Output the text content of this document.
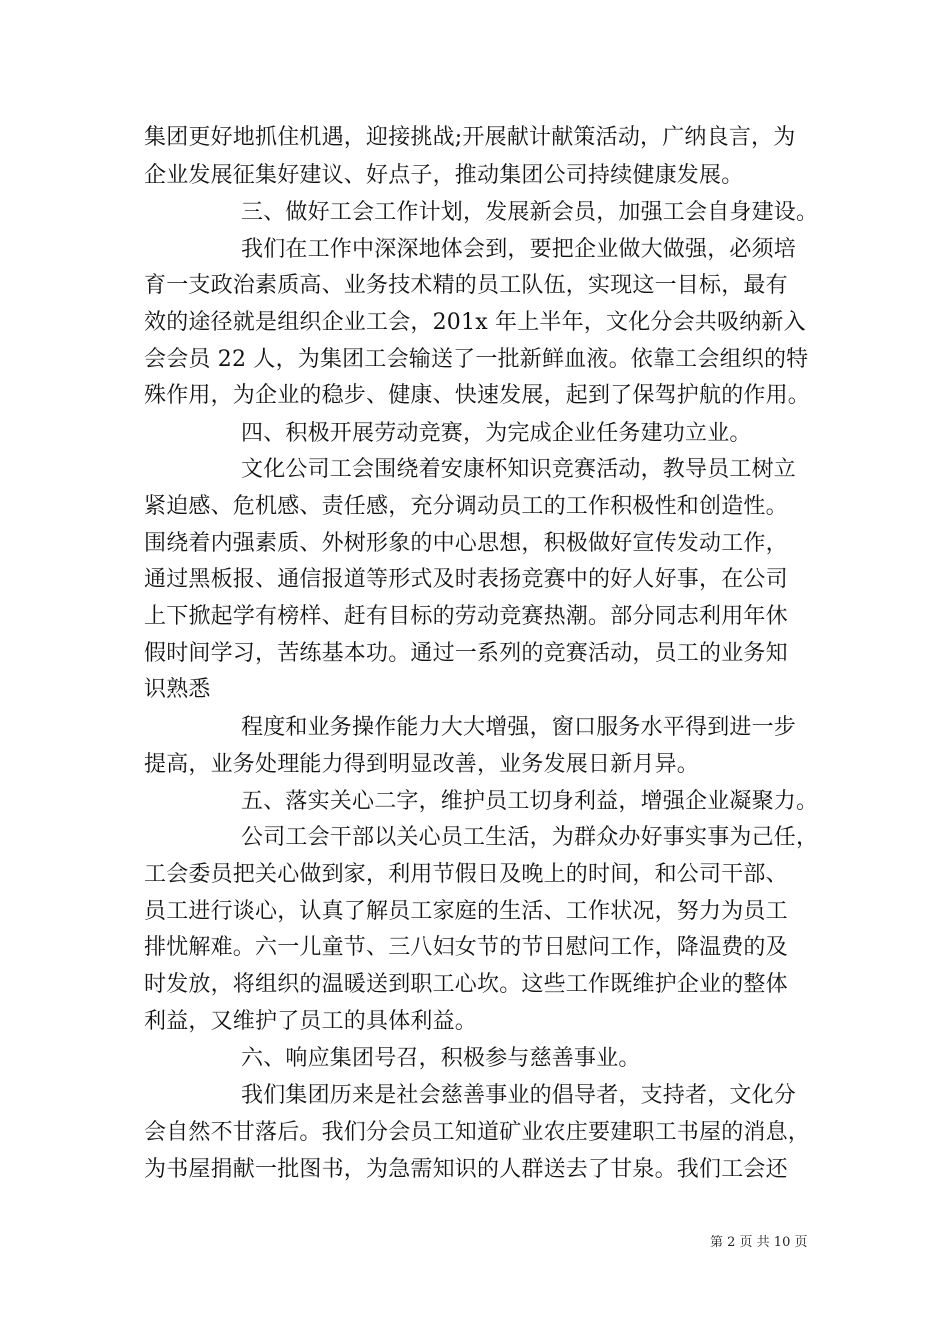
集团更好地抓住机遇，迎接挑战;开展献计献策活动，广纳良言，为
企业发展征集好建议、好点子，推动集团公司持续健康发展。
三、做好工会工作计划，发展新会员，加强工会自身建设。
我们在工作中深深地体会到，要把企业做大做强，必须培
育一支政治素质高、业务技术精的员工队伍，实现这一目标，最有
效的途径就是组织企业工会，201x 年上半年，文化分会共吸纳新入
会会员 22 人，为集团工会输送了一批新鲜血液。依靠工会组织的特
殊作用，为企业的稳步、健康、快速发展，起到了保驾护航的作用。
四、积极开展劳动竞赛，为完成企业任务建功立业。
文化公司工会围绕着安康杯知识竞赛活动，教导员工树立
紧迫感、危机感、责任感，充分调动员工的工作积极性和创造性。
围绕着内强素质、外树形象的中心思想，积极做好宣传发动工作，
通过黑板报、通信报道等形式及时表扬竞赛中的好人好事，在公司
上下掀起学有榜样、赶有目标的劳动竞赛热潮。部分同志利用年休
假时间学习，苦练基本功。通过一系列的竞赛活动，员工的业务知
识熟悉
程度和业务操作能力大大增强，窗口服务水平得到进一步
提高，业务处理能力得到明显改善，业务发展日新月异。
五、落实关心二字，维护员工切身利益，增强企业凝聚力。
公司工会干部以关心员工生活，为群众办好事实事为己任，
工会委员把关心做到家，利用节假日及晚上的时间，和公司干部、
员工进行谈心，认真了解员工家庭的生活、工作状况，努力为员工
排忧解难。六一儿童节、三八妇女节的节日慰问工作，降温费的及
时发放，将组织的温暖送到职工心坎。这些工作既维护企业的整体
利益，又维护了员工的具体利益。
六、响应集团号召，积极参与慈善事业。
我们集团历来是社会慈善事业的倡导者，支持者，文化分
会自然不甘落后。我们分会员工知道矿业农庄要建职工书屋的消息，
为书屋捐献一批图书，为急需知识的人群送去了甘泉。我们工会还
第 2 页 共 10 页
